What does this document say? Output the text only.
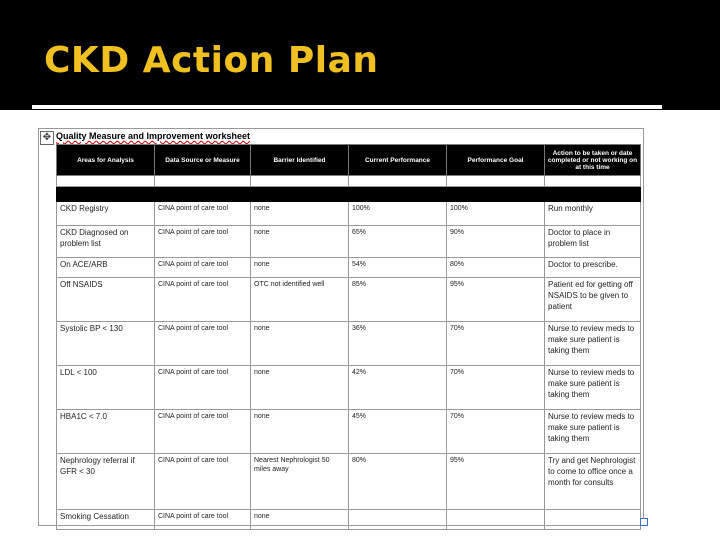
CKD Action Plan
✥ Quality Measure and Improvement worksheet
Areas for Analysis	Data Source or Measure	Barrier Identified	Current Performance	Performance Goal	Action to be taken or date completed or not working on at this time

CKD Registry	CINA point of care tool	none	100%	100%	Run monthly
CKD Diagnosed on problem list	CINA point of care tool	none	65%	90%	Doctor to place in problem list
On ACE/ARB	CINA point of care tool	none	54%	80%	Doctor to prescribe.
Off NSAIDS	CINA point of care tool	OTC not identified well	85%	95%	Patient ed for getting off NSAIDS to be given to patient
Systolic BP < 130	CINA point of care tool	none	36%	70%	Nurse to review meds to make sure patient is taking them
LDL < 100	CINA point of care tool	none	42%	70%	Nurse to review meds to make sure patient is taking them
HBA1C < 7.0	CINA point of care tool	none	45%	70%	Nurse to review meds to make sure patient is taking them
Nephrology referral if GFR < 30	CINA point of care tool	Nearest Nephrologist 50 miles away	80%	95%	Try and get Nephrologist to come to office once a month for consults
Smoking Cessation	CINA point of care tool	none			
